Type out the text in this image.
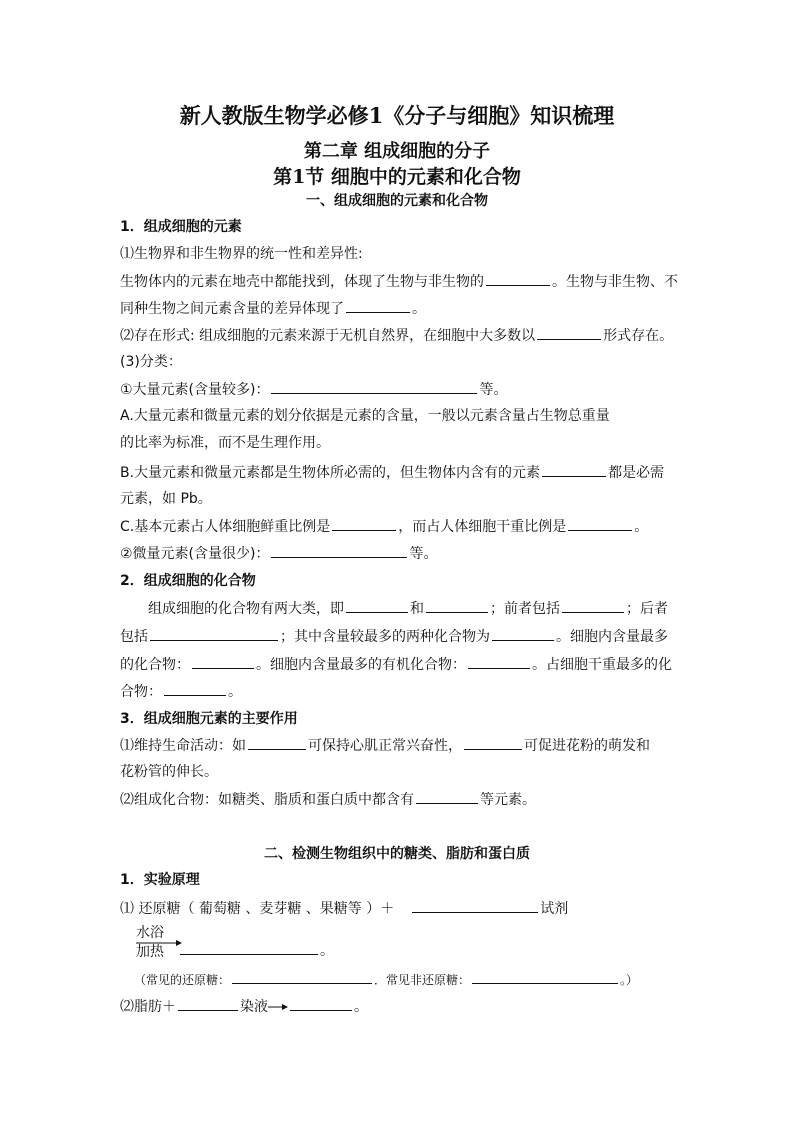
新人教版生物学必修1《分子与细胞》知识梳理
第二章 组成细胞的分子
第1节 细胞中的元素和化合物
一、组成细胞的元素和化合物
1．组成细胞的元素
⑴生物界和非生物界的统一性和差异性:
生物体内的元素在地壳中都能找到，体现了生物与非生物的	。生物与非生物、不
同种生物之间元素含量的差异体现了	。
⑵存在形式: 组成细胞的元素来源于无机自然界，在细胞中大多数以	形式存在。
(3)分类：
①大量元素(含量较多)：	等。
A.大量元素和微量元素的划分依据是元素的含量，一般以元素含量占生物总重量
的比率为标准，而不是生理作用。
B.大量元素和微量元素都是生物体所必需的，但生物体内含有的元素	都是必需
元素，如 Pb。
C.基本元素占人体细胞鲜重比例是	，而占人体细胞干重比例是	。
②微量元素(含量很少)：	等。
2．组成细胞的化合物
组成细胞的化合物有两大类，即	和	；前者包括	；后者
包括	；其中含量较最多的两种化合物为	。细胞内含量最多
的化合物：	。细胞内含量最多的有机化合物：	。占细胞干重最多的化
合物：	。
3．组成细胞元素的主要作用
⑴维持生命活动：如	可保持心肌正常兴奋性，	可促进花粉的萌发和
花粉管的伸长。
⑵组成化合物：如糖类、脂质和蛋白质中都含有	等元素。
二、检测生物组织中的糖类、脂肪和蛋白质
1．实验原理
⑴ 还原糖（ 葡萄糖 、麦芽糖 、果糖等 ）＋	试剂
水浴
加热	。
（常见的还原糖：	．常见非还原糖：	。）
⑵脂肪＋	染液	。
